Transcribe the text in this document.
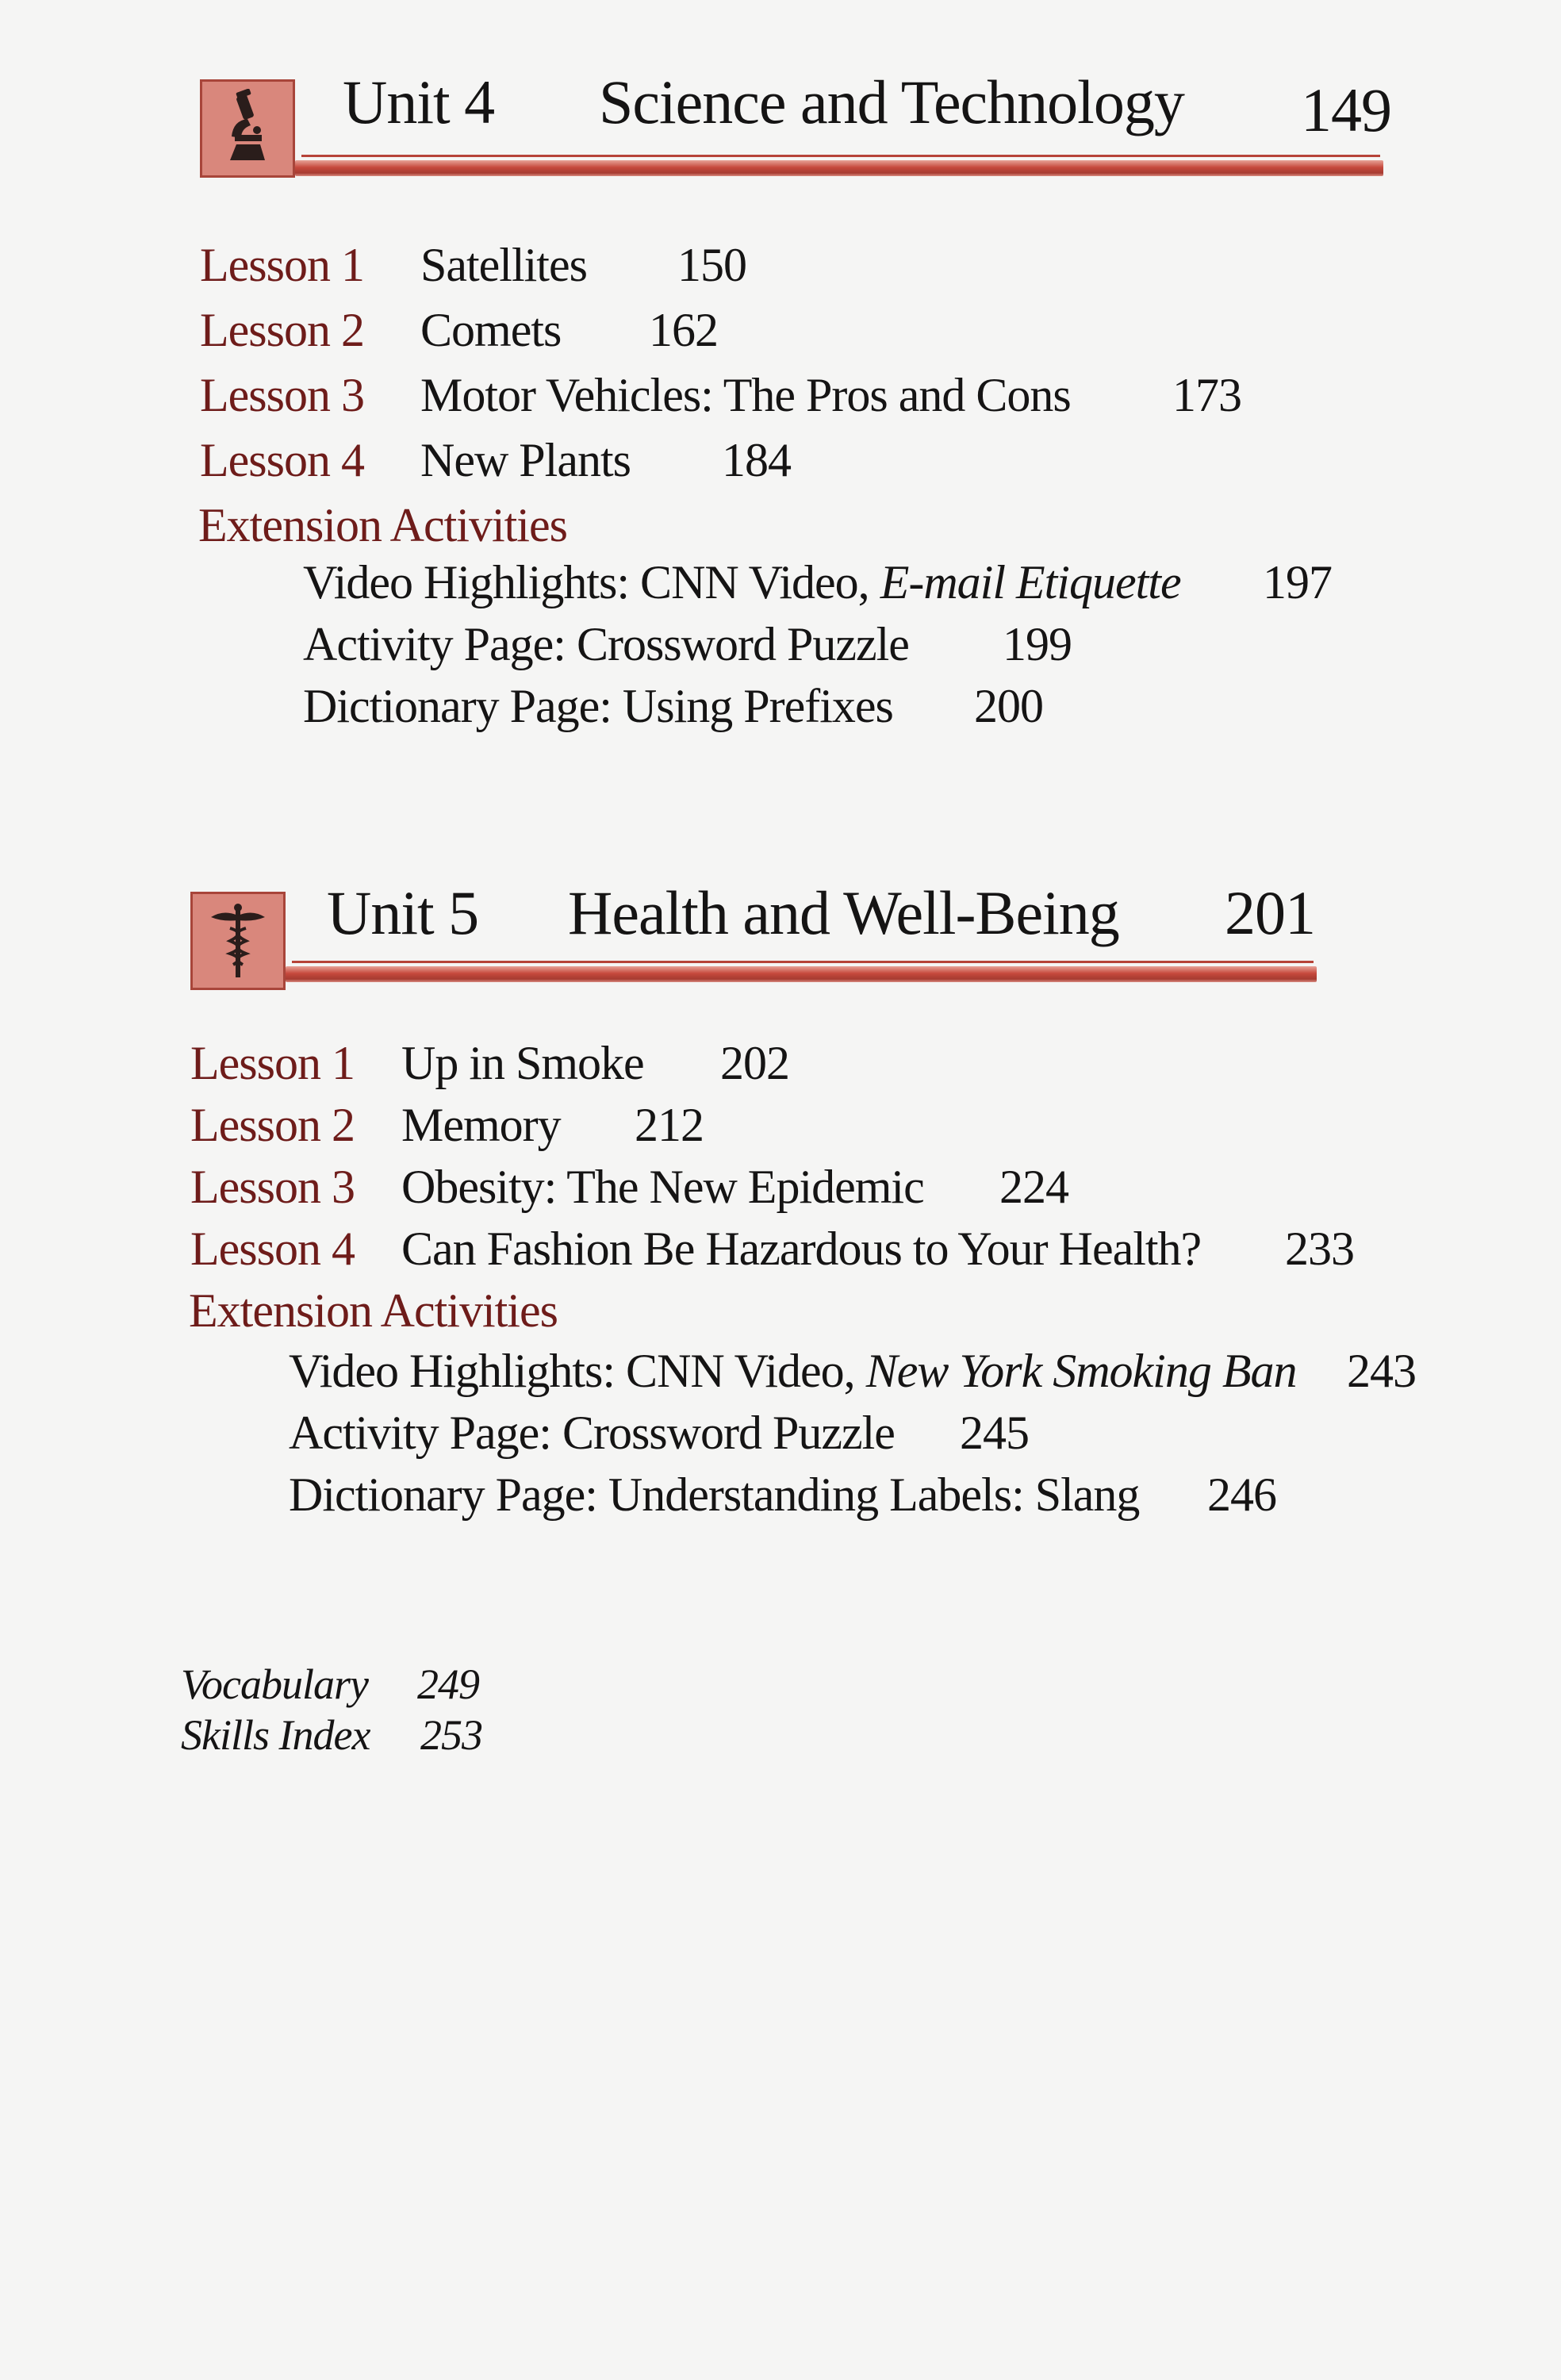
Unit 4 Science and Technology 149
Lesson 1 Satellites 150
Lesson 2 Comets 162
Lesson 3 Motor Vehicles: The Pros and Cons 173
Lesson 4 New Plants 184
Extension Activities
Video Highlights: CNN Video, E-mail Etiquette 197
Activity Page: Crossword Puzzle 199
Dictionary Page: Using Prefixes 200
Unit 5 Health and Well-Being 201
Lesson 1 Up in Smoke 202
Lesson 2 Memory 212
Lesson 3 Obesity: The New Epidemic 224
Lesson 4 Can Fashion Be Hazardous to Your Health? 233
Extension Activities
Video Highlights: CNN Video, New York Smoking Ban 243
Activity Page: Crossword Puzzle 245
Dictionary Page: Understanding Labels: Slang 246
Vocabulary 249
Skills Index 253
